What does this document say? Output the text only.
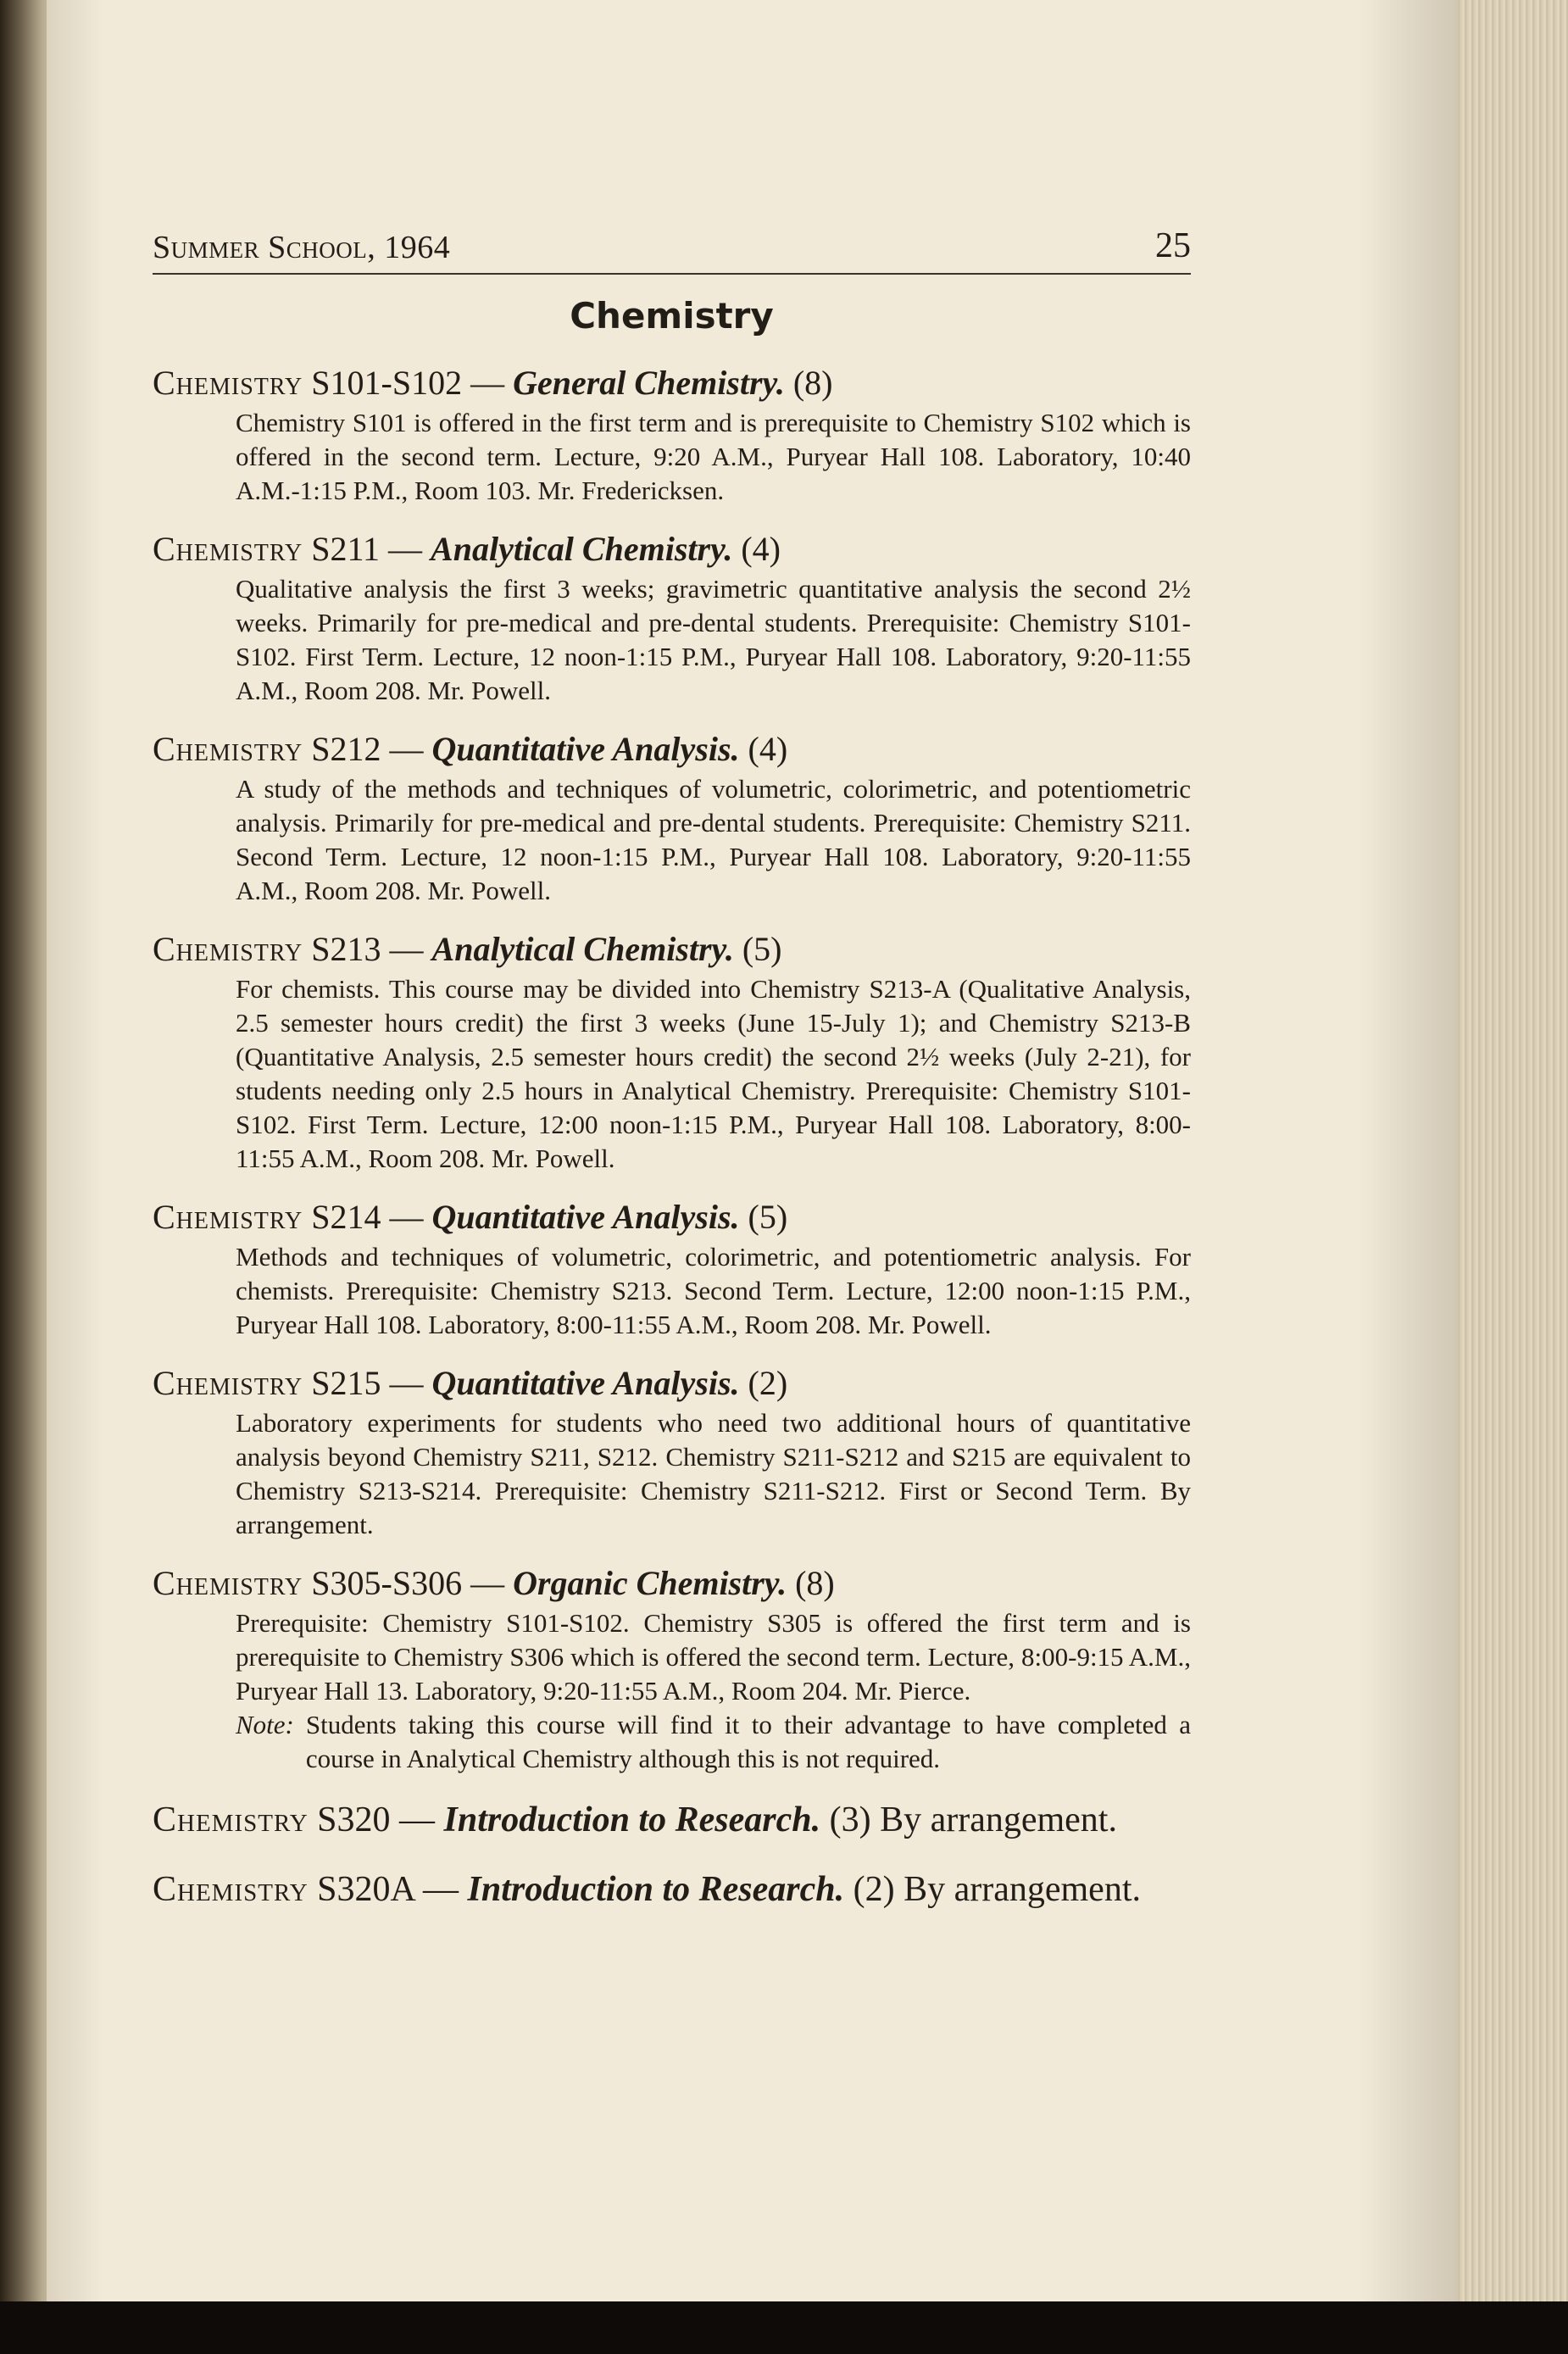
Summer School, 1964	25
Chemistry
Chemistry S101-S102 — General Chemistry. (8)
Chemistry S101 is offered in the first term and is prerequisite to Chemistry S102 which is offered in the second term. Lecture, 9:20 A.M., Puryear Hall 108. Laboratory, 10:40 A.M.-1:15 P.M., Room 103. Mr. Fredericksen.
Chemistry S211 — Analytical Chemistry. (4)
Qualitative analysis the first 3 weeks; gravimetric quantitative analysis the second 2½ weeks. Primarily for pre-medical and pre-dental students. Prerequisite: Chemistry S101-S102. First Term. Lecture, 12 noon-1:15 P.M., Puryear Hall 108. Laboratory, 9:20-11:55 A.M., Room 208. Mr. Powell.
Chemistry S212 — Quantitative Analysis. (4)
A study of the methods and techniques of volumetric, colorimetric, and potentiometric analysis. Primarily for pre-medical and pre-dental students. Prerequisite: Chemistry S211. Second Term. Lecture, 12 noon-1:15 P.M., Puryear Hall 108. Laboratory, 9:20-11:55 A.M., Room 208. Mr. Powell.
Chemistry S213 — Analytical Chemistry. (5)
For chemists. This course may be divided into Chemistry S213-A (Qualitative Analysis, 2.5 semester hours credit) the first 3 weeks (June 15-July 1); and Chemistry S213-B (Quantitative Analysis, 2.5 semester hours credit) the second 2½ weeks (July 2-21), for students needing only 2.5 hours in Analytical Chemistry. Prerequisite: Chemistry S101-S102. First Term. Lecture, 12:00 noon-1:15 P.M., Puryear Hall 108. Laboratory, 8:00-11:55 A.M., Room 208. Mr. Powell.
Chemistry S214 — Quantitative Analysis. (5)
Methods and techniques of volumetric, colorimetric, and potentiometric analysis. For chemists. Prerequisite: Chemistry S213. Second Term. Lecture, 12:00 noon-1:15 P.M., Puryear Hall 108. Laboratory, 8:00-11:55 A.M., Room 208. Mr. Powell.
Chemistry S215 — Quantitative Analysis. (2)
Laboratory experiments for students who need two additional hours of quantitative analysis beyond Chemistry S211, S212. Chemistry S211-S212 and S215 are equivalent to Chemistry S213-S214. Prerequisite: Chemistry S211-S212. First or Second Term. By arrangement.
Chemistry S305-S306 — Organic Chemistry. (8)
Prerequisite: Chemistry S101-S102. Chemistry S305 is offered the first term and is prerequisite to Chemistry S306 which is offered the second term. Lecture, 8:00-9:15 A.M., Puryear Hall 13. Laboratory, 9:20-11:55 A.M., Room 204. Mr. Pierce.
Note: Students taking this course will find it to their advantage to have completed a course in Analytical Chemistry although this is not required.
Chemistry S320 — Introduction to Research. (3) By arrangement.
Chemistry S320A — Introduction to Research. (2) By arrangement.
